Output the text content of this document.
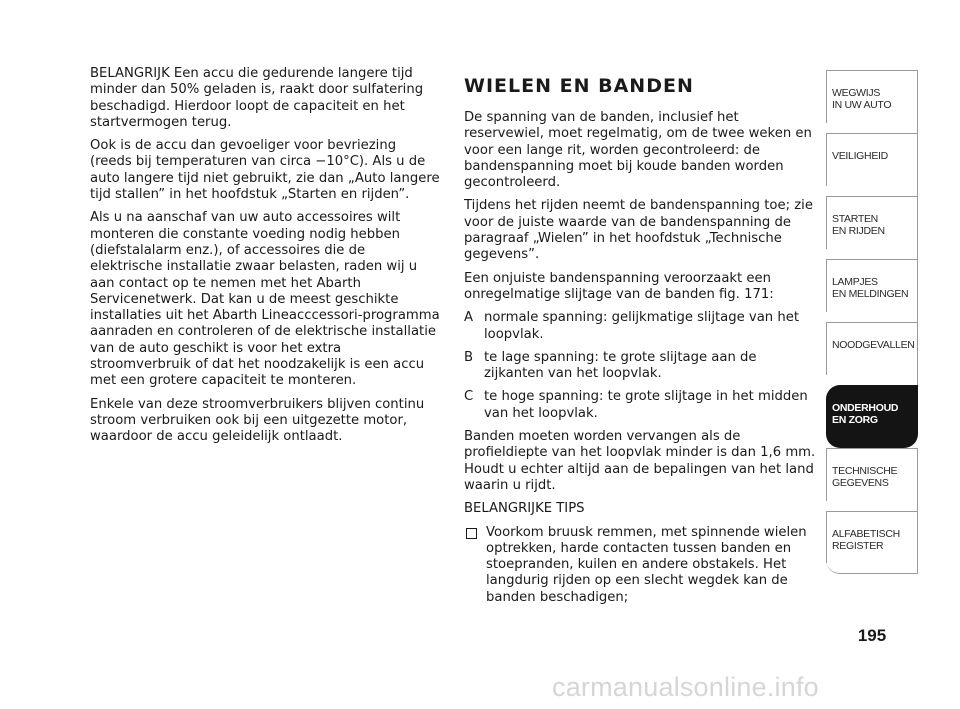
BELANGRIJK Een accu die gedurende langere tijd minder dan 50% geladen is, raakt door sulfatering beschadigd. Hierdoor loopt de capaciteit en het startvermogen terug.

Ook is de accu dan gevoeliger voor bevriezing (reeds bij temperaturen van circa −10°C). Als u de auto langere tijd niet gebruikt, zie dan „Auto langere tijd stallen” in het hoofdstuk „Starten en rijden”.

Als u na aanschaf van uw auto accessoires wilt monteren die constante voeding nodig hebben (diefstalalarm enz.), of accessoires die de elektrische installatie zwaar belasten, raden wij u aan contact op te nemen met het Abarth Servicenetwerk. Dat kan u de meest geschikte installaties uit het Abarth Lineacccessori-programma aanraden en controleren of de elektrische installatie van de auto geschikt is voor het extra stroomverbruik of dat het noodzakelijk is een accu met een grotere capaciteit te monteren.

Enkele van deze stroomverbruikers blijven continu stroom verbruiken ook bij een uitgezette motor, waardoor de accu geleidelijk ontlaadt.

WIELEN EN BANDEN

De spanning van de banden, inclusief het reservewiel, moet regelmatig, om de twee weken en voor een lange rit, worden gecontroleerd: de bandenspanning moet bij koude banden worden gecontroleerd.

Tijdens het rijden neemt de bandenspanning toe; zie voor de juiste waarde van de bandenspanning de paragraaf „Wielen” in het hoofdstuk „Technische gegevens”.

Een onjuiste bandenspanning veroorzaakt een onregelmatige slijtage van de banden fig. 171:

A normale spanning: gelijkmatige slijtage van het loopvlak.
B te lage spanning: te grote slijtage aan de zijkanten van het loopvlak.
C te hoge spanning: te grote slijtage in het midden van het loopvlak.

Banden moeten worden vervangen als de profieldiepte van het loopvlak minder is dan 1,6 mm. Houdt u echter altijd aan de bepalingen van het land waarin u rijdt.

BELANGRIJKE TIPS

Voorkom bruusk remmen, met spinnende wielen optrekken, harde contacten tussen banden en stoepranden, kuilen en andere obstakels. Het langdurig rijden op een slecht wegdek kan de banden beschadigen;
WEGWIJS
IN UW AUTO
VEILIGHEID
STARTEN
EN RIJDEN
LAMPJES
EN MELDINGEN
NOODGEVALLEN
ONDERHOUD
EN ZORG
TECHNISCHE
GEGEVENS
ALFABETISCH
REGISTER
195
carmanualsonline.info
